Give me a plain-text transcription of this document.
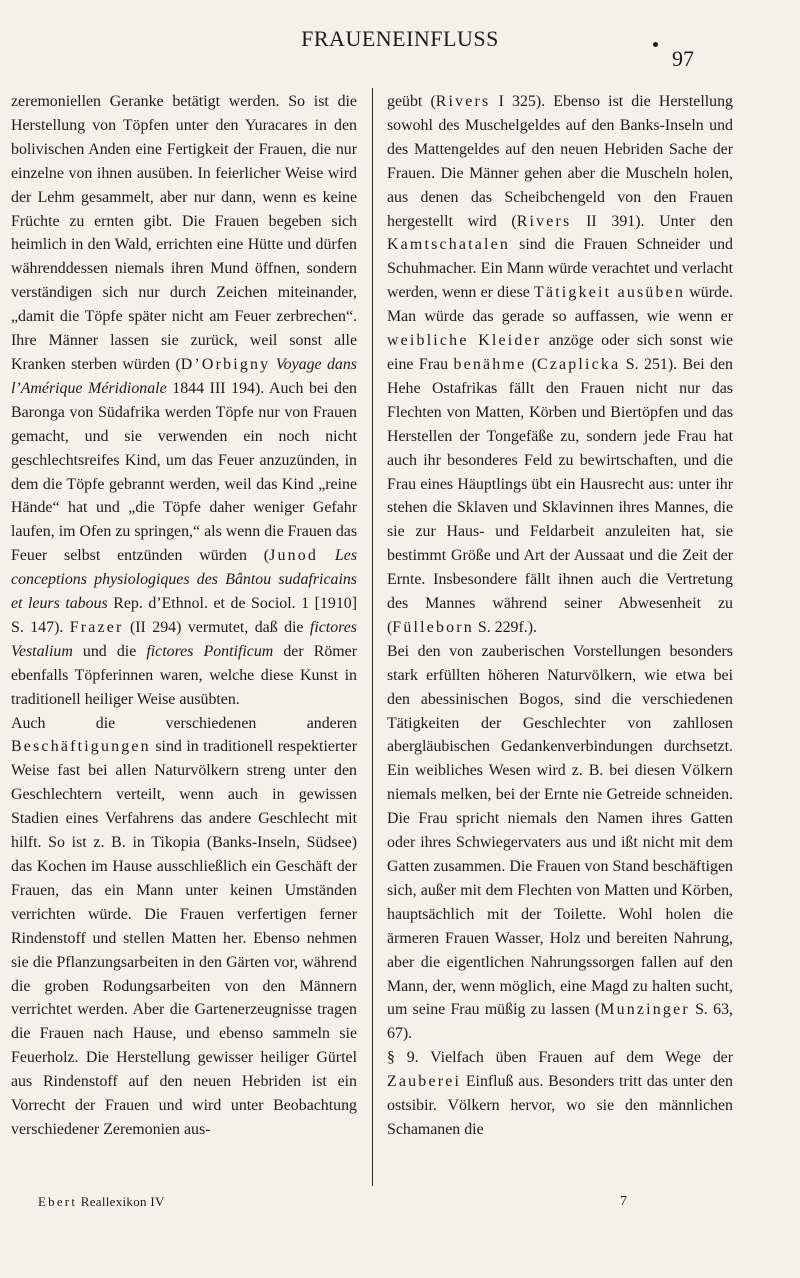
FRAUENEINFLUSS
97

zeremoniellen Geranke betätigt werden. So ist die Herstellung von Töpfen unter den Yuracares in den bolivischen Anden eine Fertigkeit der Frauen, die nur einzelne von ihnen ausüben. In feierlicher Weise wird der Lehm gesammelt, aber nur dann, wenn es keine Früchte zu ernten gibt. Die Frauen begeben sich heimlich in den Wald, errichten eine Hütte und dürfen währenddessen niemals ihren Mund öffnen, sondern verständigen sich nur durch Zeichen miteinander, „damit die Töpfe später nicht am Feuer zerbrechen“. Ihre Männer lassen sie zurück, weil sonst alle Kranken sterben würden (D’Orbigny Voyage dans l’Amérique Méridionale 1844 III 194). Auch bei den Baronga von Südafrika werden Töpfe nur von Frauen gemacht, und sie verwenden ein noch nicht geschlechtsreifes Kind, um das Feuer anzuzünden, in dem die Töpfe gebrannt werden, weil das Kind „reine Hände“ hat und „die Töpfe daher weniger Gefahr laufen, im Ofen zu springen,“ als wenn die Frauen das Feuer selbst entzünden würden (Junod Les conceptions physiologiques des Bântou sudafricains et leurs tabous Rep. d’Ethnol. et de Sociol. 1 [1910] S. 147). Frazer (II 294) vermutet, daß die fictores Vestalium und die fictores Pontificum der Römer ebenfalls Töpferinnen waren, welche diese Kunst in traditionell heiliger Weise ausübten.

Auch die verschiedenen anderen Beschäftigungen sind in traditionell respektierter Weise fast bei allen Naturvölkern streng unter den Geschlechtern verteilt, wenn auch in gewissen Stadien eines Verfahrens das andere Geschlecht mit hilft. So ist z. B. in Tikopia (Banks-Inseln, Südsee) das Kochen im Hause ausschließlich ein Geschäft der Frauen, das ein Mann unter keinen Umständen verrichten würde. Die Frauen verfertigen ferner Rindenstoff und stellen Matten her. Ebenso nehmen sie die Pflanzungsarbeiten in den Gärten vor, während die groben Rodungsarbeiten von den Männern verrichtet werden. Aber die Gartenerzeugnisse tragen die Frauen nach Hause, und ebenso sammeln sie Feuerholz. Die Herstellung gewisser heiliger Gürtel aus Rindenstoff auf den neuen Hebriden ist ein Vorrecht der Frauen und wird unter Beobachtung verschiedener Zeremonien aus-

geübt (Rivers I 325). Ebenso ist die Herstellung sowohl des Muschelgeldes auf den Banks-Inseln und des Mattengeldes auf den neuen Hebriden Sache der Frauen. Die Männer gehen aber die Muscheln holen, aus denen das Scheibchengeld von den Frauen hergestellt wird (Rivers II 391). Unter den Kamtschatalen sind die Frauen Schneider und Schuhmacher. Ein Mann würde verachtet und verlacht werden, wenn er diese Tätigkeit ausüben würde. Man würde das gerade so auffassen, wie wenn er weibliche Kleider anzöge oder sich sonst wie eine Frau benähme (Czaplicka S. 251). Bei den Hehe Ostafrikas fällt den Frauen nicht nur das Flechten von Matten, Körben und Biertöpfen und das Herstellen der Tongefäße zu, sondern jede Frau hat auch ihr besonderes Feld zu bewirtschaften, und die Frau eines Häuptlings übt ein Hausrecht aus: unter ihr stehen die Sklaven und Sklavinnen ihres Mannes, die sie zur Haus- und Feldarbeit anzuleiten hat, sie bestimmt Größe und Art der Aussaat und die Zeit der Ernte. Insbesondere fällt ihnen auch die Vertretung des Mannes während seiner Abwesenheit zu (Fülleborn S. 229f.).

Bei den von zauberischen Vorstellungen besonders stark erfüllten höheren Naturvölkern, wie etwa bei den abessinischen Bogos, sind die verschiedenen Tätigkeiten der Geschlechter von zahllosen abergläubischen Gedankenverbindungen durchsetzt. Ein weibliches Wesen wird z. B. bei diesen Völkern niemals melken, bei der Ernte nie Getreide schneiden. Die Frau spricht niemals den Namen ihres Gatten oder ihres Schwiegervaters aus und ißt nicht mit dem Gatten zusammen. Die Frauen von Stand beschäftigen sich, außer mit dem Flechten von Matten und Körben, hauptsächlich mit der Toilette. Wohl holen die ärmeren Frauen Wasser, Holz und bereiten Nahrung, aber die eigentlichen Nahrungssorgen fallen auf den Mann, der, wenn möglich, eine Magd zu halten sucht, um seine Frau müßig zu lassen (Munzinger S. 63, 67).

§ 9. Vielfach üben Frauen auf dem Wege der Zauberei Einfluß aus. Besonders tritt das unter den ostsibir. Völkern hervor, wo sie den männlichen Schamanen die

Ebert Reallexikon IV	7
